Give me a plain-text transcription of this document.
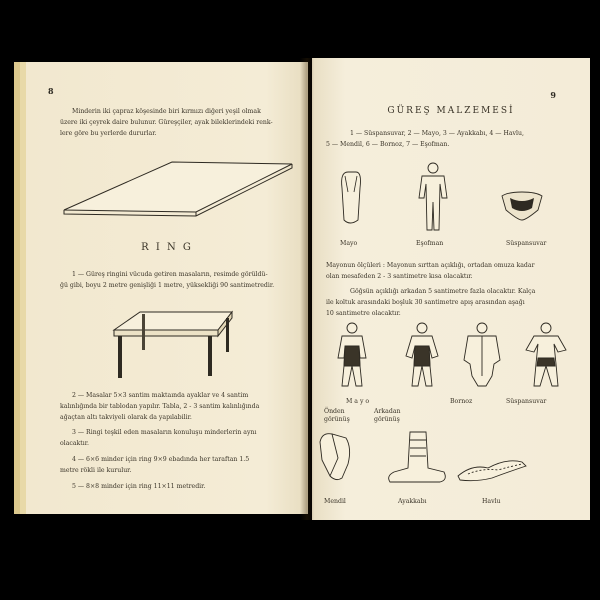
8
Minderin iki çapraz köşesinde biri kırmızı diğeri yeşil olmak
üzere iki çeyrek daire bulunur. Güreşçiler, ayak bileklerindeki renk-
lere göre bu yerlerde dururlar.
R I N G
1 — Güreş ringini vücuda getiren masaların, resimde görüldü-
ğü gibi, boyu 2 metre genişliği 1 metre, yüksekliği 90 santimetredir.
2 — Masalar 5×3 santim maktaında ayaklar ve 4 santim
kalınlığında bir tablodan yapılır. Tabla, 2 - 3 santim kalınlığında
ağaçtan altı takviyeli olarak da yapılabilir.
3 — Ringi teşkil eden masaların konuluşu minderlerin aynı
olacaktır.
4 — 6×6 minder için ring 9×9 ebadında her taraftan 1.5
metre rökli ile kurulur.
5 — 8×8 minder için ring 11×11 metredir.
9
GÜREŞ MALZEMESİ
1 — Süspansuvar, 2 — Mayo, 3 — Ayakkabı, 4 — Havlu,
5 — Mendil, 6 — Bornoz, 7 — Eşofman.
Mayo	Eşofman	Süspansuvar
Mayonun ölçüleri : Mayonun sırttan açıklığı, ortadan omuza kadar
olan mesafeden 2 - 3 santimetre kısa olacaktır.
Göğsün açıklığı arkadan 5 santimetre fazla olacaktır. Kalça
ile koltuk arasındaki boşluk 30 santimetre apış arasından aşağı
10 santimetre olacaktır.
M a y o
Önden
görünüş
Arkadan
görünüş
Bornoz	Süspansuvar
Mendil	Ayakkabı	Havlu
